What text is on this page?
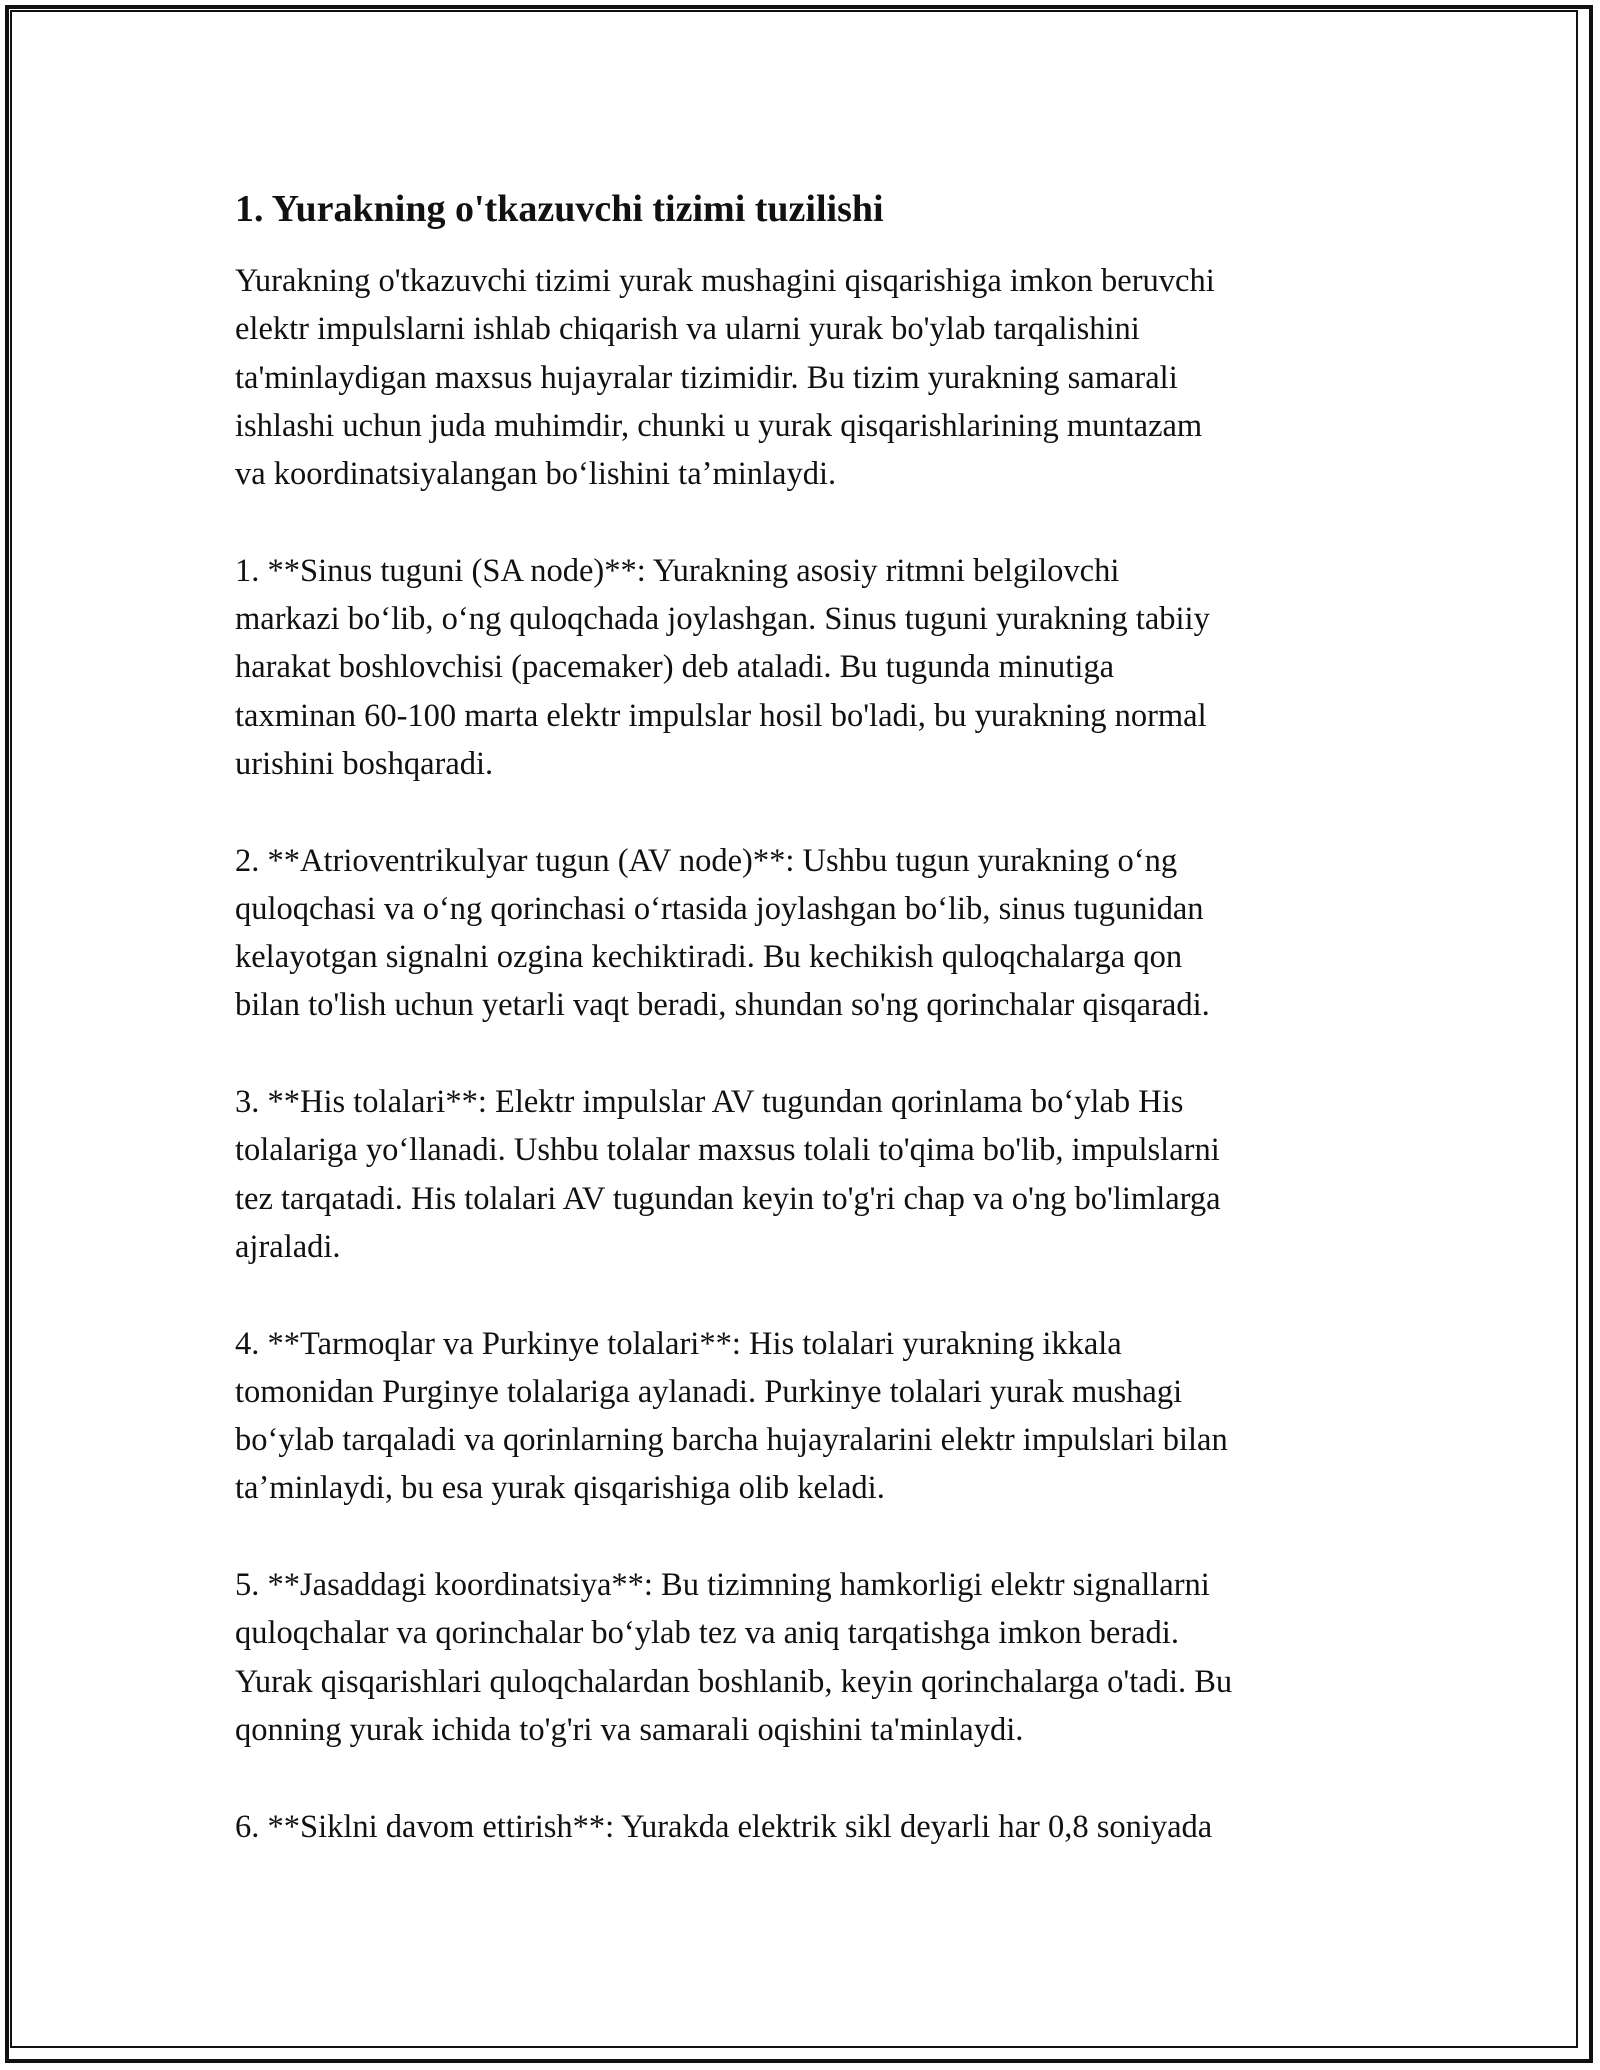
1. Yurakning o'tkazuvchi tizimi tuzilishi

Yurakning o'tkazuvchi tizimi yurak mushagini qisqarishiga imkon beruvchi
elektr impulslarni ishlab chiqarish va ularni yurak bo'ylab tarqalishini
ta'minlaydigan maxsus hujayralar tizimidir. Bu tizim yurakning samarali
ishlashi uchun juda muhimdir, chunki u yurak qisqarishlarining muntazam
va koordinatsiyalangan boʻlishini taʼminlaydi.

1. **Sinus tuguni (SA node)**: Yurakning asosiy ritmni belgilovchi
markazi boʻlib, oʻng quloqchada joylashgan. Sinus tuguni yurakning tabiiy
harakat boshlovchisi (pacemaker) deb ataladi. Bu tugunda minutiga
taxminan 60-100 marta elektr impulslar hosil bo'ladi, bu yurakning normal
urishini boshqaradi.

2. **Atrioventrikulyar tugun (AV node)**: Ushbu tugun yurakning oʻng
quloqchasi va oʻng qorinchasi oʻrtasida joylashgan boʻlib, sinus tugunidan
kelayotgan signalni ozgina kechiktiradi. Bu kechikish quloqchalarga qon
bilan to'lish uchun yetarli vaqt beradi, shundan so'ng qorinchalar qisqaradi.

3. **His tolalari**: Elektr impulslar AV tugundan qorinlama boʻylab His
tolalariga yoʻllanadi. Ushbu tolalar maxsus tolali to'qima bo'lib, impulslarni
tez tarqatadi. His tolalari AV tugundan keyin to'g'ri chap va o'ng bo'limlarga
ajraladi.

4. **Tarmoqlar va Purkinye tolalari**: His tolalari yurakning ikkala
tomonidan Purginye tolalariga aylanadi. Purkinye tolalari yurak mushagi
boʻylab tarqaladi va qorinlarning barcha hujayralarini elektr impulslari bilan
taʼminlaydi, bu esa yurak qisqarishiga olib keladi.

5. **Jasaddagi koordinatsiya**: Bu tizimning hamkorligi elektr signallarni
quloqchalar va qorinchalar boʻylab tez va aniq tarqatishga imkon beradi.
Yurak qisqarishlari quloqchalardan boshlanib, keyin qorinchalarga o'tadi. Bu
qonning yurak ichida to'g'ri va samarali oqishini ta'minlaydi.

6. **Siklni davom ettirish**: Yurakda elektrik sikl deyarli har 0,8 soniyada
